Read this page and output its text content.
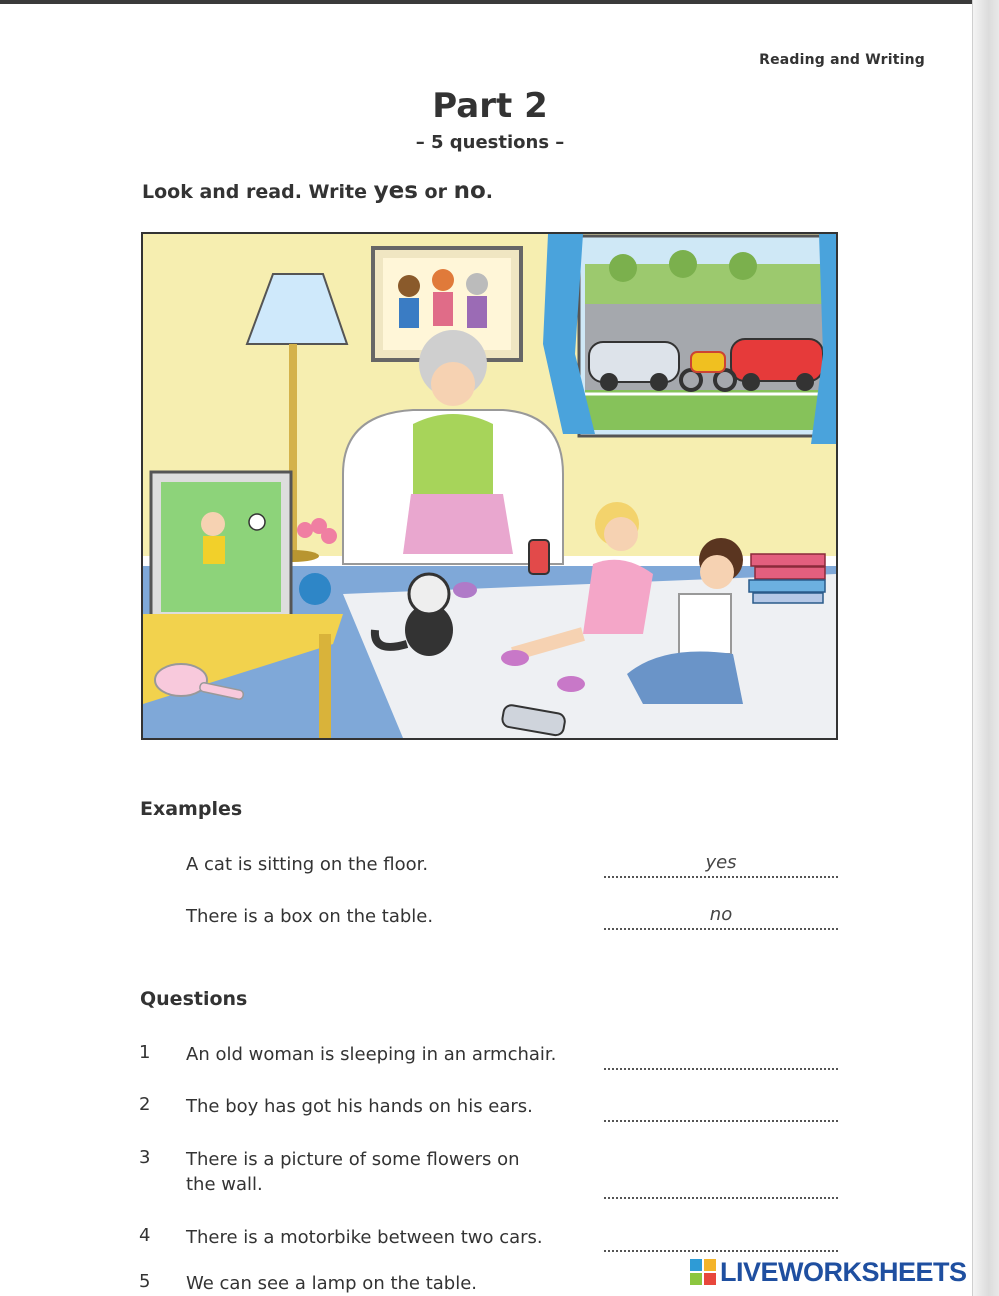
Reading and Writing
Part 2
– 5 questions –
Look and read. Write yes or no.
Examples
A cat is sitting on the floor.	yes
There is a box on the table.	no
Questions
1 An old woman is sleeping in an armchair.
2 The boy has got his hands on his ears.
3 There is a picture of some flowers on the wall.
4 There is a motorbike between two cars.
5 We can see a lamp on the table.	LIVEWORKSHEETS
